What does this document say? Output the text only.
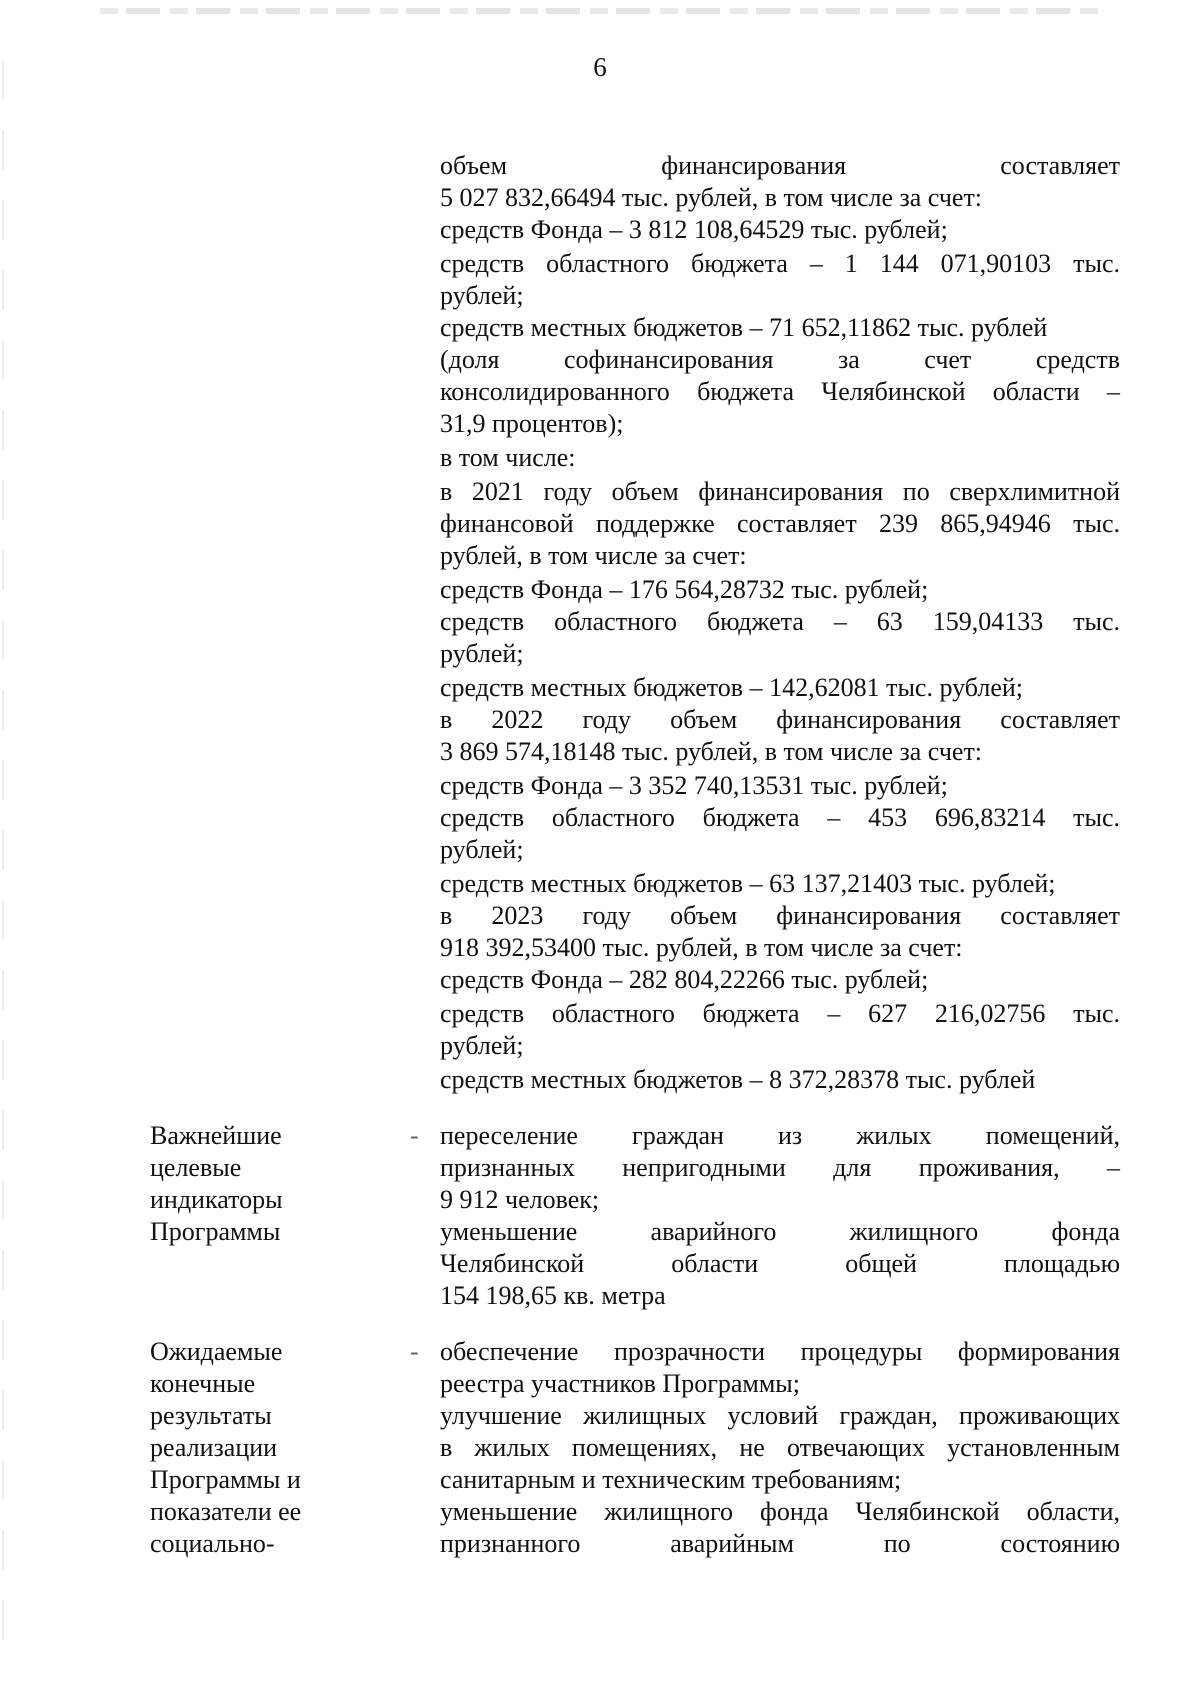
6
объем финансирования составляет
5 027 832,66494 тыс. рублей, в том числе за счет:
средств Фонда – 3 812 108,64529 тыс. рублей;
средств областного бюджета – 1 144 071,90103 тыс.
рублей;
средств местных бюджетов – 71 652,11862 тыс. рублей
(доля софинансирования за счет средств
консолидированного бюджета Челябинской области –
31,9 процентов);
в том числе:
в 2021 году объем финансирования по сверхлимитной
финансовой поддержке составляет 239 865,94946 тыс.
рублей, в том числе за счет:
средств Фонда – 176 564,28732 тыс. рублей;
средств областного бюджета – 63 159,04133 тыс.
рублей;
средств местных бюджетов – 142,62081 тыс. рублей;
в 2022 году объем финансирования составляет
3 869 574,18148 тыс. рублей, в том числе за счет:
средств Фонда – 3 352 740,13531 тыс. рублей;
средств областного бюджета – 453 696,83214 тыс.
рублей;
средств местных бюджетов – 63 137,21403 тыс. рублей;
в 2023 году объем финансирования составляет
918 392,53400 тыс. рублей, в том числе за счет:
средств Фонда – 282 804,22266 тыс. рублей;
средств областного бюджета – 627 216,02756 тыс.
рублей;
средств местных бюджетов – 8 372,28378 тыс. рублей
Важнейшие
целевые
индикаторы
Программы
- переселение граждан из жилых помещений,
признанных непригодными для проживания, –
9 912 человек;
уменьшение аварийного жилищного фонда
Челябинской области общей площадью
154 198,65 кв. метра
Ожидаемые
конечные
результаты
реализации
Программы и
показатели ее
социально-
- обеспечение прозрачности процедуры формирования
реестра участников Программы;
улучшение жилищных условий граждан, проживающих
в жилых помещениях, не отвечающих установленным
санитарным и техническим требованиям;
уменьшение жилищного фонда Челябинской области,
признанного аварийным по состоянию
